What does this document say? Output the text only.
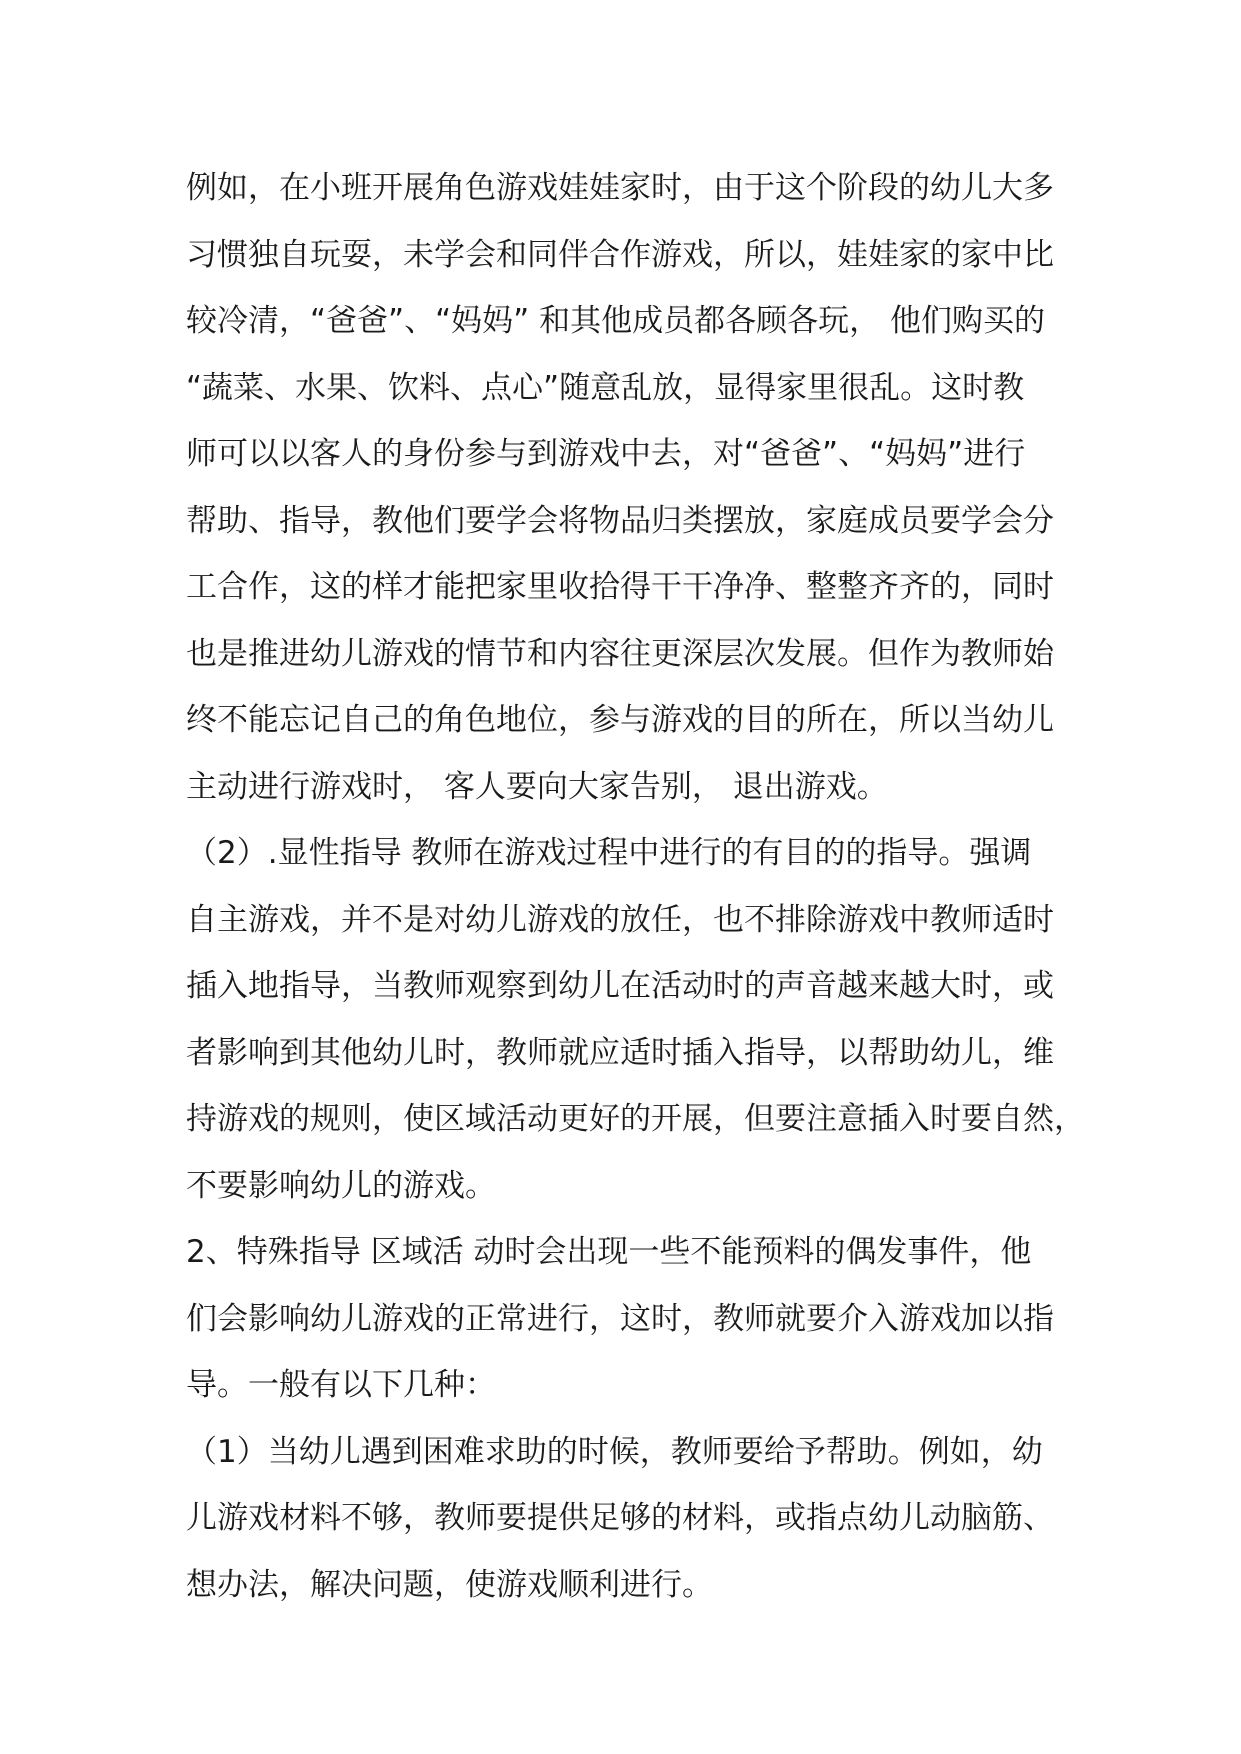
例如，在小班开展角色游戏娃娃家时，由于这个阶段的幼儿大多
习惯独自玩耍，未学会和同伴合作游戏，所以，娃娃家的家中比
较冷清，“爸爸”、“妈妈” 和其他成员都各顾各玩， 他们购买的
“蔬菜、水果、饮料、点心”随意乱放，显得家里很乱。这时教
师可以以客人的身份参与到游戏中去，对“爸爸”、“妈妈”进行
帮助、指导，教他们要学会将物品归类摆放，家庭成员要学会分
工合作，这的样才能把家里收拾得干干净净、整整齐齐的，同时
也是推进幼儿游戏的情节和内容往更深层次发展。但作为教师始
终不能忘记自己的角色地位，参与游戏的目的所在，所以当幼儿
主动进行游戏时， 客人要向大家告别， 退出游戏。
（2）.显性指导 教师在游戏过程中进行的有目的的指导。强调
自主游戏，并不是对幼儿游戏的放任，也不排除游戏中教师适时
插入地指导，当教师观察到幼儿在活动时的声音越来越大时，或
者影响到其他幼儿时，教师就应适时插入指导，以帮助幼儿，维
持游戏的规则，使区域活动更好的开展，但要注意插入时要自然，
不要影响幼儿的游戏。
2、特殊指导 区域活 动时会出现一些不能预料的偶发事件，他
们会影响幼儿游戏的正常进行，这时，教师就要介入游戏加以指
导。一般有以下几种：
（1）当幼儿遇到困难求助的时候，教师要给予帮助。例如，幼
儿游戏材料不够，教师要提供足够的材料，或指点幼儿动脑筋、
想办法，解决问题，使游戏顺利进行。
